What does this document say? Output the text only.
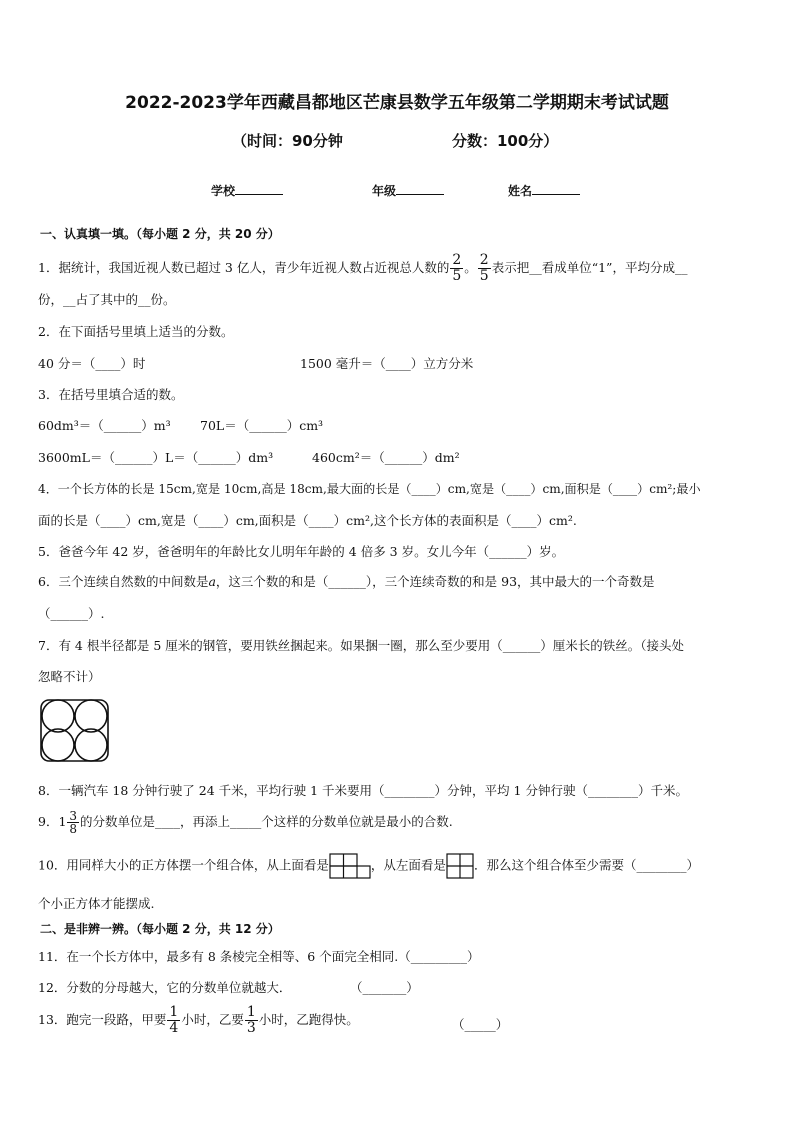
2022-2023学年西藏昌都地区芒康县数学五年级第二学期期末考试试题
（时间：90分钟	分数：100分）
学校	年级	姓名
一、认真填一填。（每小题 2 分，共 20 分）
1．据统计，我国近视人数已超过 3 亿人，青少年近视人数占近视总人数的 $\frac{2}{5}$ 。 $\frac{2}{5}$ 表示把__看成单位“1”，平均分成__
份，__占了其中的__份。
2．在下面括号里填上适当的分数。
40 分＝（____）时	1500 毫升＝（____）立方分米
3．在括号里填合适的数。
60dm³＝（______）m³ 70L＝（______）cm³
3600mL＝（______）L＝（______）dm³	460cm²＝（______）dm²
4．一个长方体的长是 15cm,宽是 10cm,高是 18cm,最大面的长是（____）cm,宽是（____）cm,面积是（____）cm²;最小
面的长是（____）cm,宽是（____）cm,面积是（____）cm²,这个长方体的表面积是（____）cm².
5．爸爸今年 42 岁，爸爸明年的年龄比女儿明年年龄的 4 倍多 3 岁。女儿今年（______）岁。
6．三个连续自然数的中间数是a，这三个数的和是（______），三个连续奇数的和是 93，其中最大的一个奇数是
（______）.
7．有 4 根半径都是 5 厘米的钢管，要用铁丝捆起来。如果捆一圈，那么至少要用（______）厘米长的铁丝。（接头处
忽略不计）
8．一辆汽车 18 分钟行驶了 24 千米，平均行驶 1 千米要用（________）分钟，平均 1 分钟行驶（________）千米。
9．$1 \frac{3}{8}$ 的分数单位是____，再添上_____个这样的分数单位就是最小的合数.
10．用同样大小的正方体摆一个组合体，从上面看是	，从左面看是 ．那么这个组合体至少需要（________）
个小正方体才能摆成.
二、是非辨一辨。（每小题 2 分，共 12 分）
11．在一个长方体中，最多有 8 条棱完全相等、6 个面完全相同.（_________）
12．分数的分母越大，它的分数单位就越大．	（_______）
13．跑完一段路，甲要 $\frac{1}{4}$ 小时，乙要 $\frac{1}{3}$ 小时，乙跑得快。	（_____）
